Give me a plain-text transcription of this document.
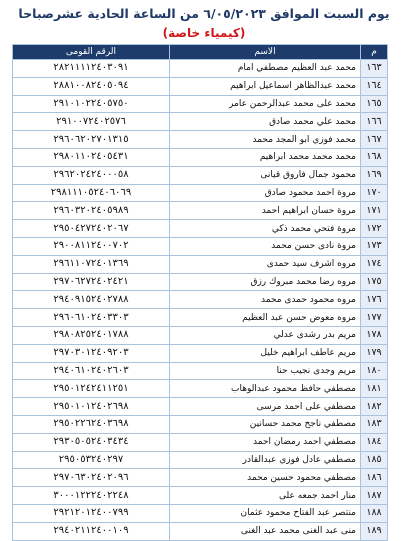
يوم السبت الموافق ٦/٠٥/٢٠٢٣ من الساعة الحادية عشرصباحا
(كيمياء خاصة)
م	الاسم	الرقم القومى
١٦٣	محمد عبد العظيم مصطفي امام	٢٨٢١١١١٢٤٠٣٠٩١
١٦٤	محمد عبدالظاهر اسماعيل ابراهيم	٢٨٨١٠٠٨٢٤٠٥٠٩٤
١٦٥	محمد على محمد عبدالرحمن عامر	٢٩١٠١٠٢٢٤٠٥٧٥٠
١٦٦	محمد علي محمد صادق	٢٩١٠٠٧٢٤٠٢٥٧٦
١٦٧	محمد فوزي ابو المجد محمد	٢٩٦٠٦٢٠٢٧٠١٣١٥
١٦٨	محمد محمد محمد ابراهيم	٢٩٨٠١١٠٢٤٠٥٤٣١
١٦٩	محمود جمال فاروق قيانى	٢٩٦٢٠٢٤٢٤٠٠٠٥٨
١٧٠	مروة احمد محمود صادق	٢٩٨١١١٠٥٢٤٠٦٠٦٩
١٧١	مروة حسان ابراهيم احمد	٢٩٦٠٣٢٠٢٤٠٥٩٨٩
١٧٢	مروة فتحي محمد ذكي	٢٩٥٠٤٢٧٢٤٠٢٠٦٧
١٧٣	مروة نادى حسن محمد	٢٩٠٠٨١١٢٤٠٠٧٠٢
١٧٤	مروه اشرف سيد حمدى	٢٩٦١١٠٧٢٤٠١٣٦٩
١٧٥	مروه رضا محمد مبروك رزق	٢٩٧٠٦٢٧٢٤٠٢٤٢١
١٧٦	مروه محمود حمدى محمد	٢٩٤٠٩١٥٢٤٠٢٧٨٨
١٧٧	مروه معوض حسن عبد العظيم	٢٩٦٠٦١٠٢٤٠٣٣٠٣
١٧٨	مريم بدر رشدى عدلي	٢٩٨٠٨٢٥٢٤٠١٧٨٨
١٧٩	مريم عاطف ابراهيم خليل	٢٩٧٠٣٠١٢٤٠٩٢٠٣
١٨٠	مريم وجدى نجيب حنا	٢٩٤٠٦١٠٢٤٠٢٦٠٣
١٨١	مصطفي حافظ محمود عبدالوهاب	٢٩٥٠١٢٤٢٤١١٢٥١
١٨٢	مصطفي على احمد مرسى	٢٩٥٠١٠١٢٤٠٢٦٩٨
١٨٣	مصطفي ناجح محمد حسانين	٢٩٥٠٢٢٦٢٤٠٣٦٩٨
١٨٤	مصطفي احمد رمضان احمد	٢٩٣٠٥٠٥٢٤٠٣٤٣٤
١٨٥	مصطفي عادل فوزي عبدالقادر	٢٩٥٠٥٣٢٤٠٢٩٧
١٨٦	مصطفي محمود حسين محمد	٢٩٧٠٦٣٠٢٤٠٢٠٩٦
١٨٧	منار احمد جمعه على	٣٠٠٠١٢٢٢٤٠٢٢٤٨
١٨٨	منتصر عبد الفتاح محمود عثمان	٢٩٢١٢٠١٢٤٠٠٧٩٩
١٨٩	منى عبد الغنى محمد عبد الغنى	٢٩٤٠٢١١٢٤٠٠١٠٩
